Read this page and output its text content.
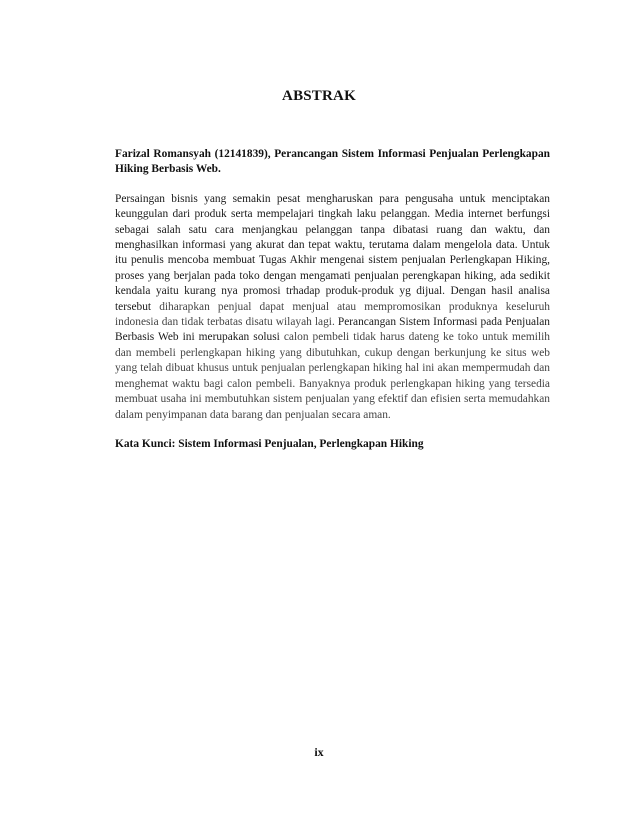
ABSTRAK

Farizal Romansyah (12141839), Perancangan Sistem Informasi Penjualan Perlengkapan Hiking Berbasis Web.

Persaingan bisnis yang semakin pesat mengharuskan para pengusaha untuk menciptakan keunggulan dari produk serta mempelajari tingkah laku pelanggan. Media internet berfungsi sebagai salah satu cara menjangkau pelanggan tanpa dibatasi ruang dan waktu, dan menghasilkan informasi yang akurat dan tepat waktu, terutama dalam mengelola data. Untuk itu penulis mencoba membuat Tugas Akhir mengenai sistem penjualan Perlengkapan Hiking, proses yang berjalan pada toko dengan mengamati penjualan perengkapan hiking, ada sedikit kendala yaitu kurang nya promosi trhadap produk-produk yg dijual. Dengan hasil analisa tersebut diharapkan penjual dapat menjual atau mempromosikan produknya keseluruh indonesia dan tidak terbatas disatu wilayah lagi. Perancangan Sistem Informasi pada Penjualan Berbasis Web ini merupakan solusi calon pembeli tidak harus dateng ke toko untuk memilih dan membeli perlengkapan hiking yang dibutuhkan, cukup dengan berkunjung ke situs web yang telah dibuat khusus untuk penjualan perlengkapan hiking hal ini akan mempermudah dan menghemat waktu bagi calon pembeli. Banyaknya produk perlengkapan hiking yang tersedia membuat usaha ini membutuhkan sistem penjualan yang efektif dan efisien serta memudahkan dalam penyimpanan data barang dan penjualan secara aman.

Kata Kunci: Sistem Informasi Penjualan, Perlengkapan Hiking

ix
